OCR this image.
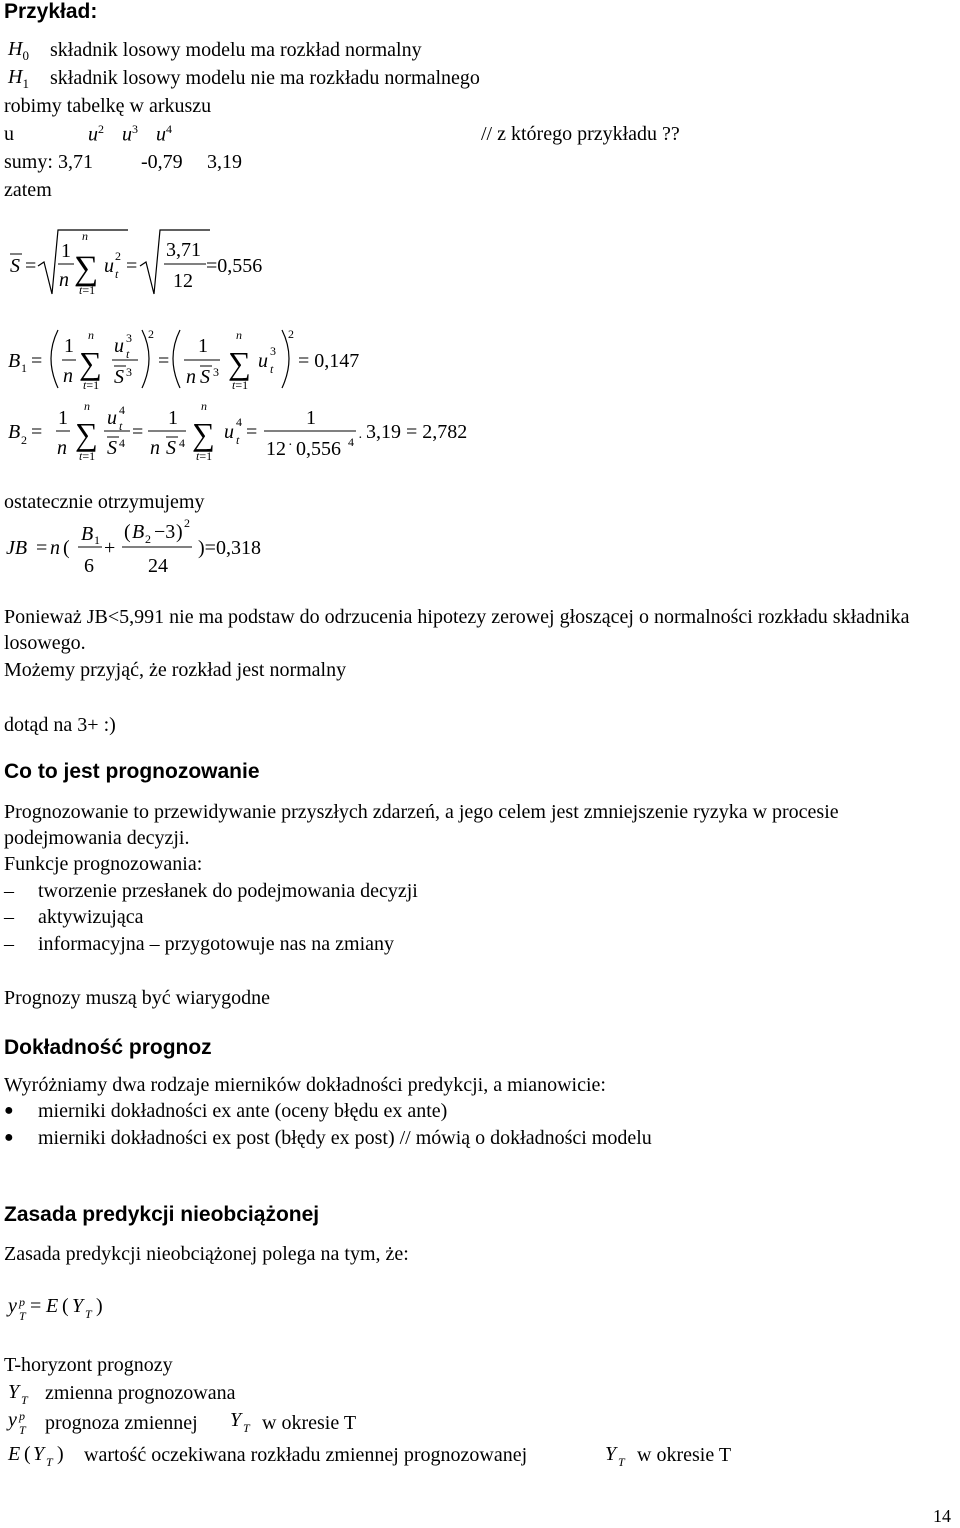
Przykład:
$H_0$ składnik losowy modelu ma rozkład normalny
$H_1$ składnik losowy modelu nie ma rozkładu normalnego
robimy tabelkę w arkuszu
u	$u^2$ $u^3$ $u^4$	// z którego przykładu ??
sumy: 3,71 -0,79 3,19
zatem
S =
1
n
n
∑
t=1
u 2
t =
3,71
12
=0,556
B 1 =
1
n
n
∑
t=1
u 3
t
S 3
2
=
1
n S 3
n
∑
t=1
u 3
t
2
= 0,147
B 2 =
1
n
n
∑
t=1
u 4
t
S 4 =
1
n S 4
n
∑
t=1
u 4
t =
1
12 · 0,556 4 · 3,19 = 2,782
ostatecznie otrzymujemy
JB = n (
B 1
6
+
( B 2 −3 ) 2
24
)=0,318
Ponieważ JB<5,991 nie ma podstaw do odrzucenia hipotezy zerowej głoszącej o normalności rozkładu składnika losowego.
Możemy przyjąć, że rozkład jest normalny
dotąd na 3+ :)
Co to jest prognozowanie
Prognozowanie to przewidywanie przyszłych zdarzeń, a jego celem jest zmniejszenie ryzyka w procesie podejmowania decyzji.
Funkcje prognozowania:
– tworzenie przesłanek do podejmowania decyzji
– aktywizująca
– informacyjna – przygotowuje nas na zmiany
Prognozy muszą być wiarygodne
Dokładność prognoz
Wyróżniamy dwa rodzaje mierników dokładności predykcji, a mianowicie:
● mierniki dokładności ex ante (oceny błędu ex ante)
● mierniki dokładności ex post (błędy ex post) // mówią o dokładności modelu
Zasada predykcji nieobciążonej
Zasada predykcji nieobciążonej polega na tym, że:
y p
T = E ( Y T )
T-horyzont prognozy
Y T zmienna prognozowana
y p
T prognoza zmiennej Y T w okresie T
E ( Y T ) wartość oczekiwana rozkładu zmiennej prognozowanej	Y T w okresie T
14
